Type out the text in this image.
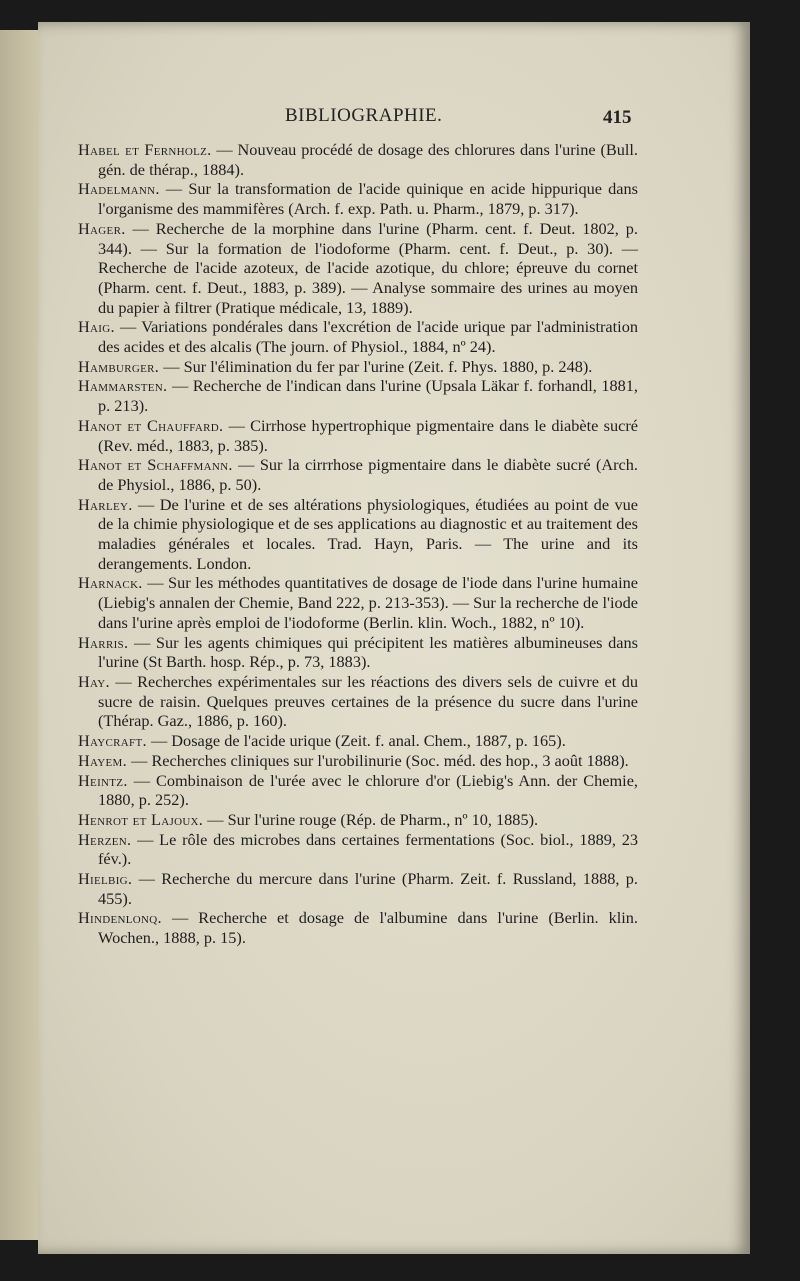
BIBLIOGRAPHIE.	415

Habel et Fernholz. — Nouveau procédé de dosage des chlorures dans l'urine (Bull. gén. de thérap., 1884).

Hadelmann. — Sur la transformation de l'acide quinique en acide hippurique dans l'organisme des mammifères (Arch. f. exp. Path. u. Pharm., 1879, p. 317).

Hager. — Recherche de la morphine dans l'urine (Pharm. cent. f. Deut. 1802, p. 344). — Sur la formation de l'iodoforme (Pharm. cent. f. Deut., p. 30). — Recherche de l'acide azoteux, de l'acide azotique, du chlore; épreuve du cornet (Pharm. cent. f. Deut., 1883, p. 389). — Analyse sommaire des urines au moyen du papier à filtrer (Pratique médicale, 13, 1889).

Haig. — Variations pondérales dans l'excrétion de l'acide urique par l'administration des acides et des alcalis (The journ. of Physiol., 1884, nº 24).

Hamburger. — Sur l'élimination du fer par l'urine (Zeit. f. Phys. 1880, p. 248).

Hammarsten. — Recherche de l'indican dans l'urine (Upsala Läkar f. forhandl, 1881, p. 213).

Hanot et Chauffard. — Cirrhose hypertrophique pigmentaire dans le diabète sucré (Rev. méd., 1883, p. 385).

Hanot et Schaffmann. — Sur la cirrrhose pigmentaire dans le diabète sucré (Arch. de Physiol., 1886, p. 50).

Harley. — De l'urine et de ses altérations physiologiques, étudiées au point de vue de la chimie physiologique et de ses applications au diagnostic et au traitement des maladies générales et locales. Trad. Hayn, Paris. — The urine and its derangements. London.

Harnack. — Sur les méthodes quantitatives de dosage de l'iode dans l'urine humaine (Liebig's annalen der Chemie, Band 222, p. 213-353). — Sur la recherche de l'iode dans l'urine après emploi de l'iodoforme (Berlin. klin. Woch., 1882, nº 10).

Harris. — Sur les agents chimiques qui précipitent les matières albumineuses dans l'urine (St Barth. hosp. Rép., p. 73, 1883).

Hay. — Recherches expérimentales sur les réactions des divers sels de cuivre et du sucre de raisin. Quelques preuves certaines de la présence du sucre dans l'urine (Thérap. Gaz., 1886, p. 160).

Haycraft. — Dosage de l'acide urique (Zeit. f. anal. Chem., 1887, p. 165).

Hayem. — Recherches cliniques sur l'urobilinurie (Soc. méd. des hop., 3 août 1888).

Heintz. — Combinaison de l'urée avec le chlorure d'or (Liebig's Ann. der Chemie, 1880, p. 252).

Henrot et Lajoux. — Sur l'urine rouge (Rép. de Pharm., nº 10, 1885).

Herzen. — Le rôle des microbes dans certaines fermentations (Soc. biol., 1889, 23 fév.).

Hielbig. — Recherche du mercure dans l'urine (Pharm. Zeit. f. Russland, 1888, p. 455).

Hindenlonq. — Recherche et dosage de l'albumine dans l'urine (Berlin. klin. Wochen., 1888, p. 15).
